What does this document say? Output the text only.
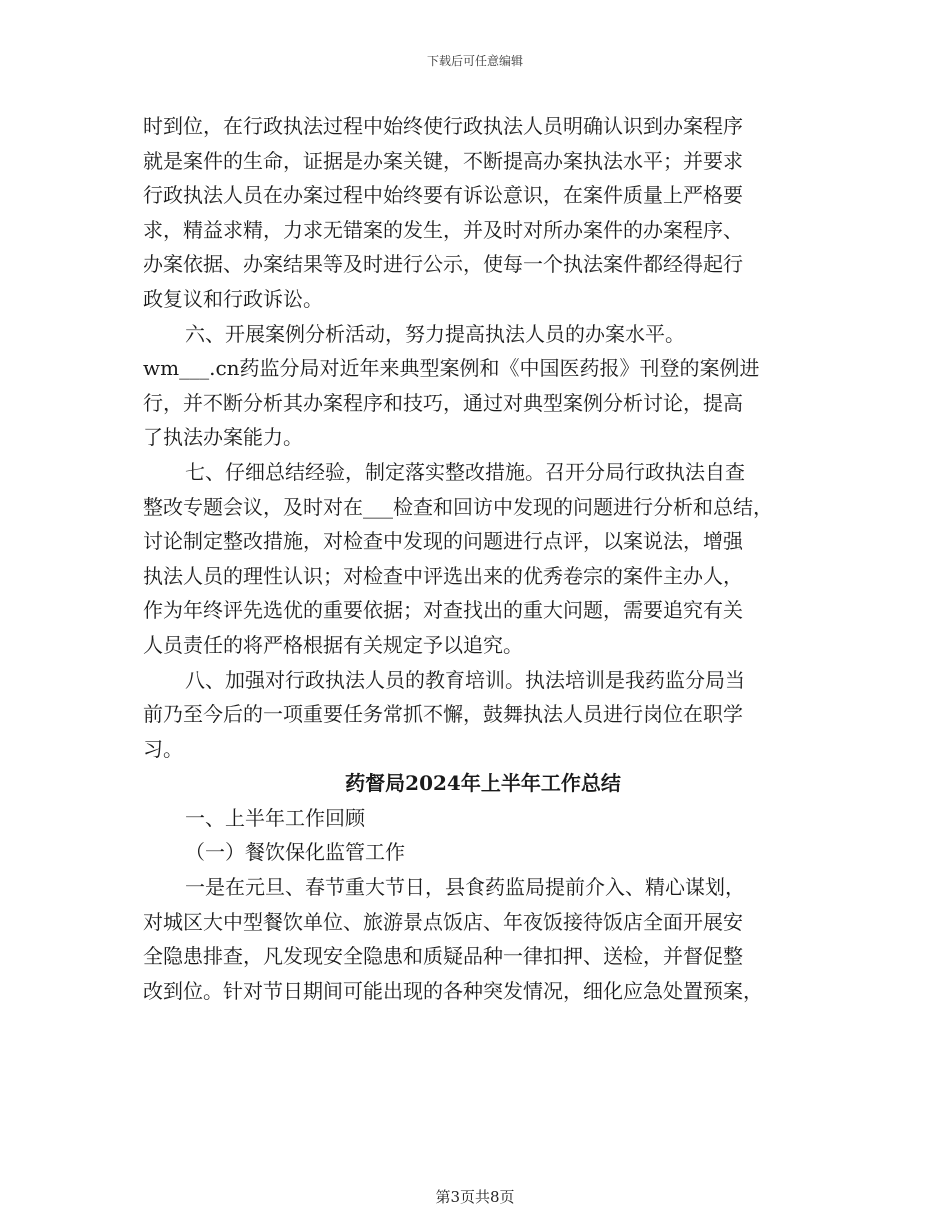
下载后可任意编辑
时到位，在行政执法过程中始终使行政执法人员明确认识到办案程序
就是案件的生命，证据是办案关键，不断提高办案执法水平；并要求
行政执法人员在办案过程中始终要有诉讼意识，在案件质量上严格要
求，精益求精，力求无错案的发生，并及时对所办案件的办案程序、
办案依据、办案结果等及时进行公示，使每一个执法案件都经得起行
政复议和行政诉讼。
六、开展案例分析活动，努力提高执法人员的办案水平。
wm___.cn药监分局对近年来典型案例和《中国医药报》刊登的案例进
行，并不断分析其办案程序和技巧，通过对典型案例分析讨论，提高
了执法办案能力。
七、仔细总结经验，制定落实整改措施。召开分局行政执法自查
整改专题会议，及时对在___检查和回访中发现的问题进行分析和总结，
讨论制定整改措施，对检查中发现的问题进行点评，以案说法，增强
执法人员的理性认识；对检查中评选出来的优秀卷宗的案件主办人，
作为年终评先选优的重要依据；对查找出的重大问题，需要追究有关
人员责任的将严格根据有关规定予以追究。
八、加强对行政执法人员的教育培训。执法培训是我药监分局当
前乃至今后的一项重要任务常抓不懈，鼓舞执法人员进行岗位在职学
习。
药督局2024年上半年工作总结
一、上半年工作回顾
（一）餐饮保化监管工作
一是在元旦、春节重大节日，县食药监局提前介入、精心谋划，
对城区大中型餐饮单位、旅游景点饭店、年夜饭接待饭店全面开展安
全隐患排查，凡发现安全隐患和质疑品种一律扣押、送检，并督促整
改到位。针对节日期间可能出现的各种突发情况，细化应急处置预案，
第3页共8页
